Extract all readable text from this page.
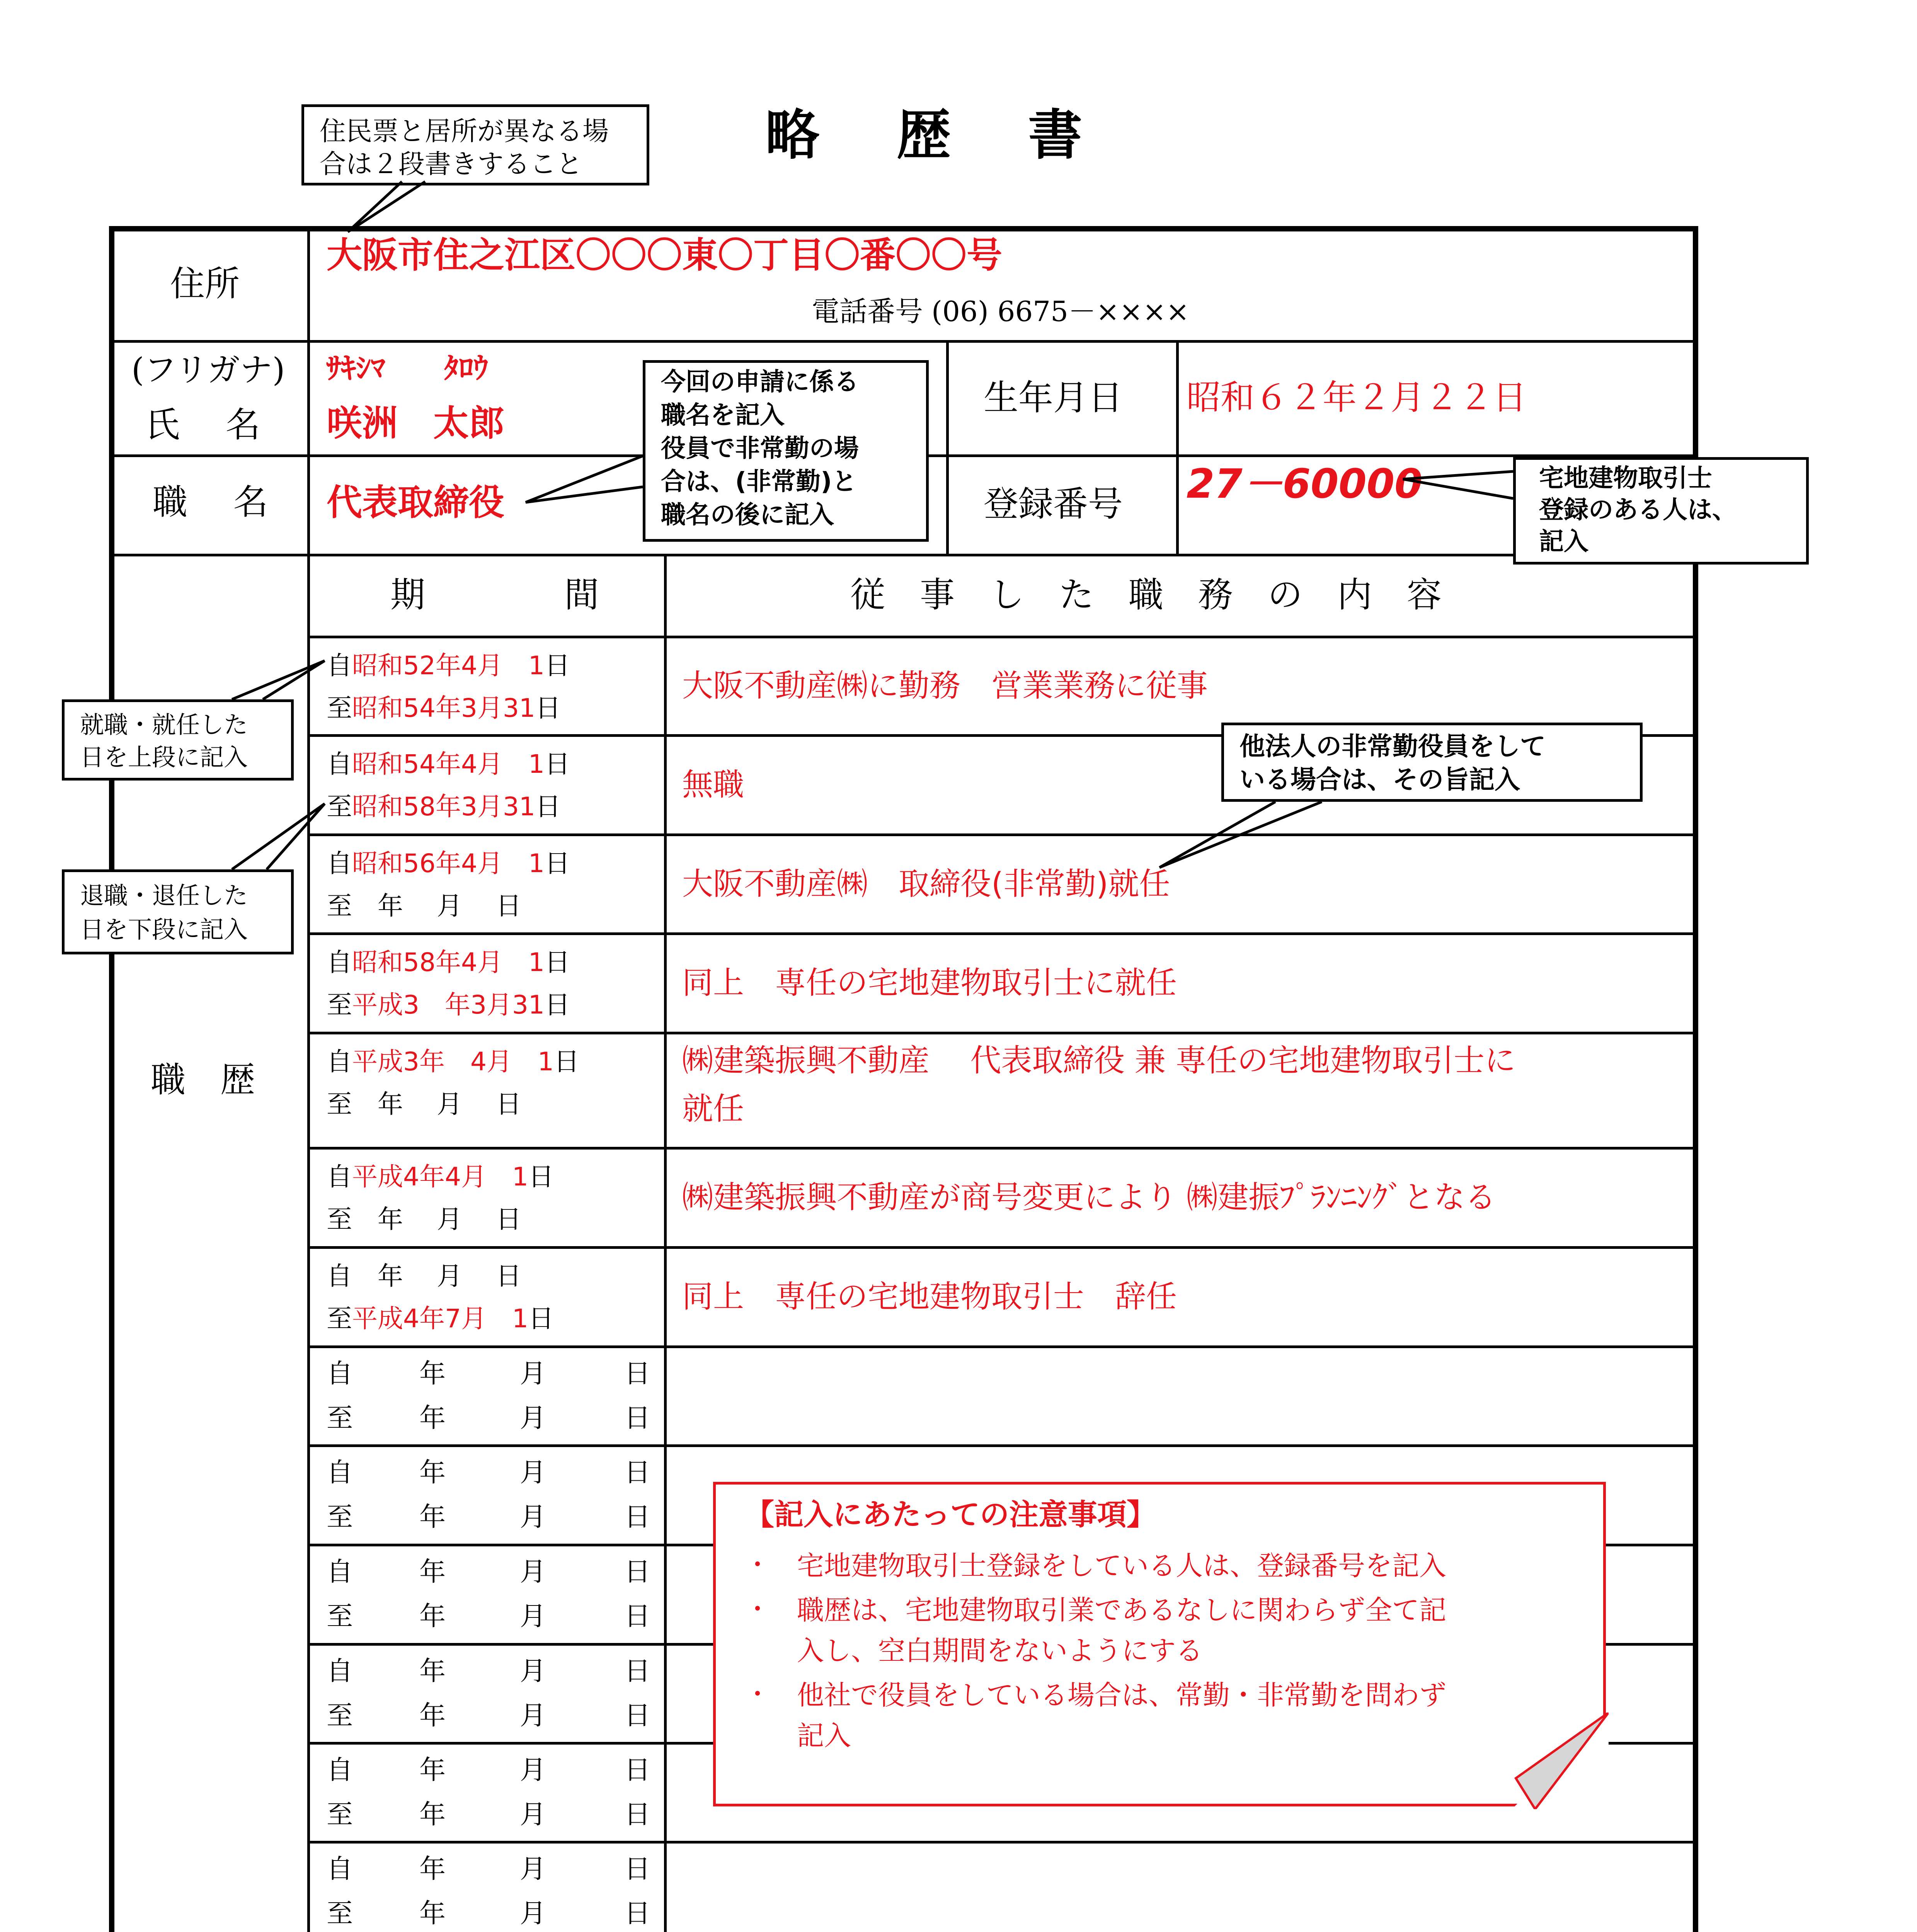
略　歴　書
住民票と居所が異なる場
合は２段書きすること
住所
大阪市住之江区〇〇〇東〇丁目〇番〇〇号
電話番号 (06) 6675－××××
(フリガナ) ｻｷｼﾏ　　ﾀﾛｳ
氏　 名 咲洲　太郎
生年月日 昭和６２年２月２２日
職　 名 代表取締役	登録番号 27－60000
今回の申請に係る
職名を記入
役員で非常勤の場
合は、(非常勤)と
職名の後に記入
宅地建物取引士
登録のある人は、
記入
職　歴
期　　　　間	従　事　し　た　職　務　の　内　容
自昭和52年4月　1日
至昭和54年3月31日
大阪不動産㈱に勤務　営業業務に従事
自昭和54年4月　1日
至昭和58年3月31日
無職
自昭和56年4月　1日
至　年　 月　 日
大阪不動産㈱　取締役(非常勤)就任
自昭和58年4月　1日
至平成3　年3月31日
同上　専任の宅地建物取引士に就任
自平成3年　4月　1日
至　年　 月　 日
㈱建築振興不動産　 代表取締役 兼 専任の宅地建物取引士に
就任
自平成4年4月　1日
至　年　 月　 日
㈱建築振興不動産が商号変更により ㈱建振ﾌﾟﾗﾝﾆﾝｸﾞとなる
自　年　 月　 日
至平成4年7月　1日
同上　専任の宅地建物取引士　辞任
自	年	月	日
至	年	月	日
自	年	月	日
至	年	月	日
自	年	月	日
至	年	月	日
自	年	月	日
至	年	月	日
自	年	月	日
至	年	月	日
自	年	月	日
至	年	月	日
就職・就任した
日を上段に記入
退職・退任した
日を下段に記入
他法人の非常勤役員をして
いる場合は、その旨記入
【記入にあたっての注意事項】
・ 宅地建物取引士登録をしている人は、登録番号を記入
・ 職歴は、宅地建物取引業であるなしに関わらず全て記
入し、空白期間をないようにする
・ 他社で役員をしている場合は、常勤・非常勤を問わず
記入
